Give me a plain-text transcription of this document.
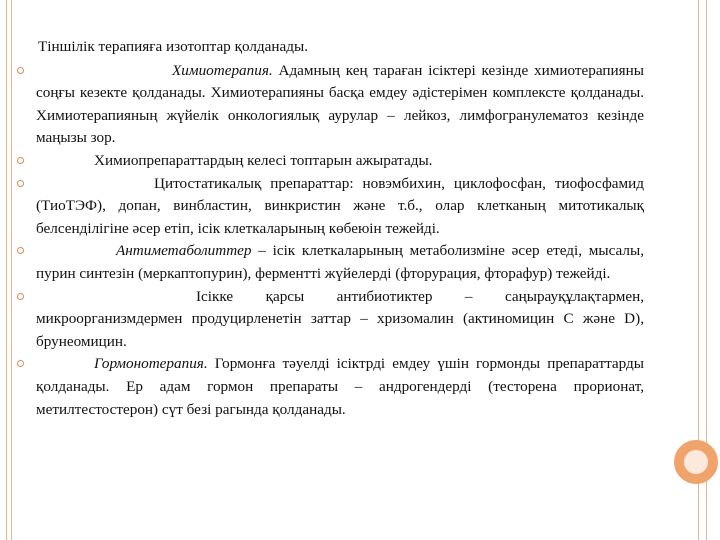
Тіншілік терапияға изотоптар қолданады.

Химиотерапия. Адамның кең тараған ісіктері кезінде химиотерапияны соңғы кезекте қолданады. Химиотерапияны басқа емдеу әдістерімен комплексте қолданады. Химиотерапияның жүйелік онкологиялық аурулар – лейкоз, лимфогранулематоз кезінде маңызы зор.

Химиопрепараттардың келесі топтарын ажыратады.

Цитостатикалық препараттар: новэмбихин, циклофосфан, тиофосфамид (ТиоТЭФ), допан, винбластин, винкристин және т.б., олар клетканың митотикалық белсенділігіне әсер етіп, ісік клеткаларының көбеюін тежейді.

Антиметаболиттер – ісік клеткаларының метаболизміне әсер етеді, мысалы, пурин синтезін (меркаптопурин), ферментті жүйелерді (фторурация, фторафур) тежейді.

Ісікке қарсы антибиотиктер – саңырауқұлақтармен, микроорганизмдермен продуцирленетін заттар – хризомалин (актиномицин С және D), брунеомицин.

Гормонотерапия. Гормонға тәуелді ісіктрді емдеу үшін гормонды препараттарды қолданады. Ер адам гормон препараты – андрогендерді (тесторена прорионат, метилтестостерон) сүт безі рагында қолданады.
